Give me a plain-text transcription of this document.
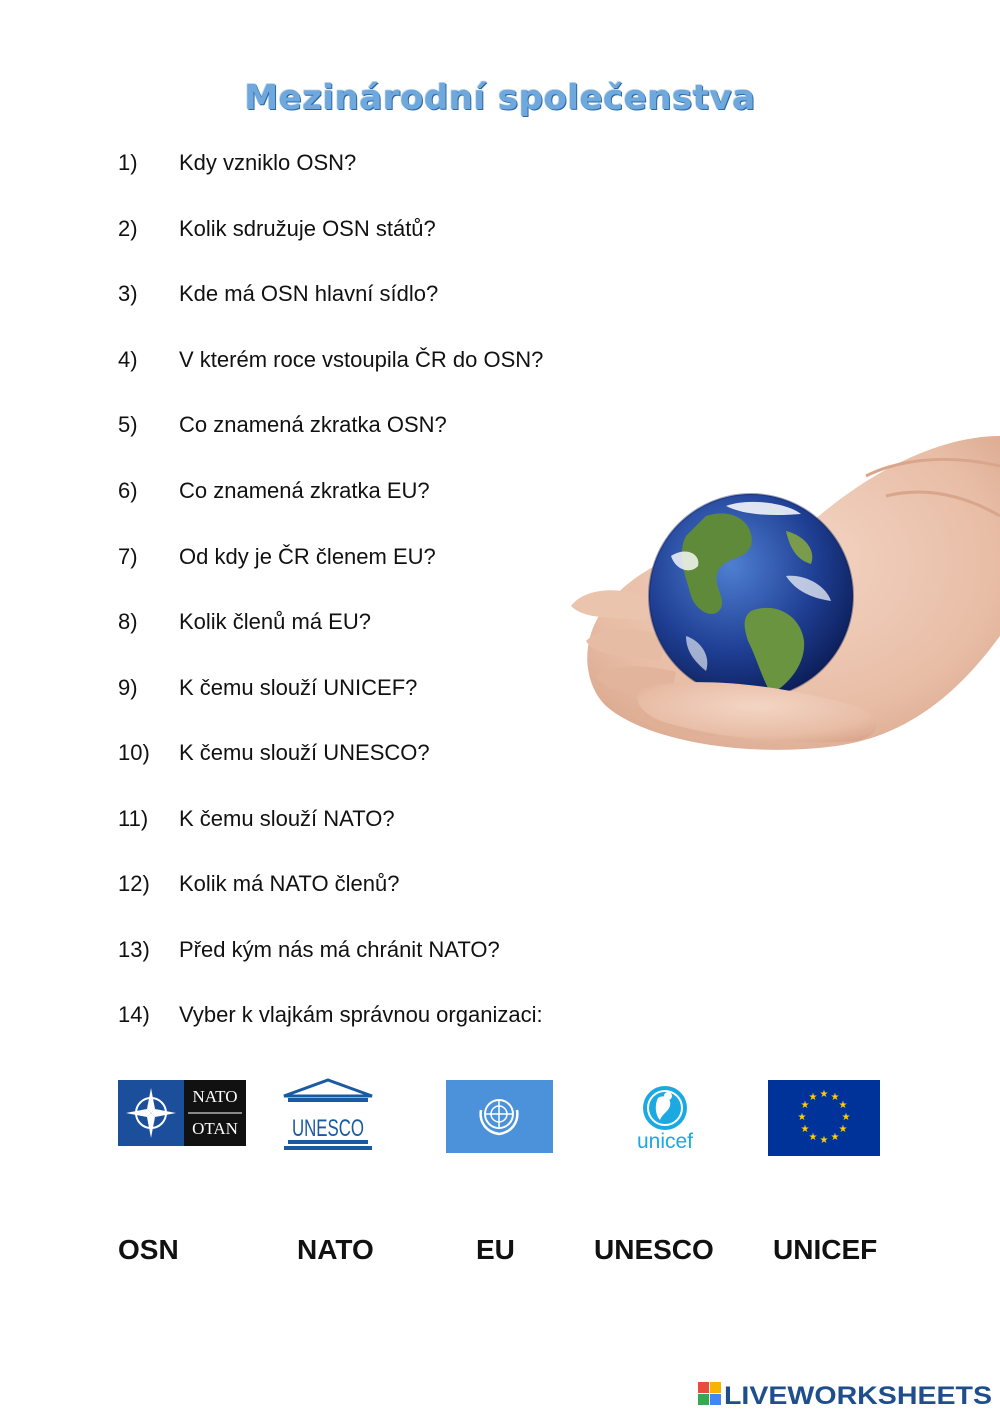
Mezinárodní společenstva
1) Kdy vzniklo OSN?
2) Kolik sdružuje OSN států?
3) Kde má OSN hlavní sídlo?
4) V kterém roce vstoupila ČR do OSN?
5) Co znamená zkratka OSN?
6) Co znamená zkratka EU?
7) Od kdy je ČR členem EU?
8) Kolik členů má EU?
9) K čemu slouží UNICEF?
10) K čemu slouží UNESCO?
11) K čemu slouží NATO?
12) Kolik má NATO členů?
13) Před kým nás má chránit NATO?
14) Vyber k vlajkám správnou organizaci:
NATO
OTAN UNESCO	unicef
★ ★
★
★
★
★
★
★
★
★
★
★
OSN	NATO	EU	UNESCO UNICEF
LIVEWORKSHEETS
